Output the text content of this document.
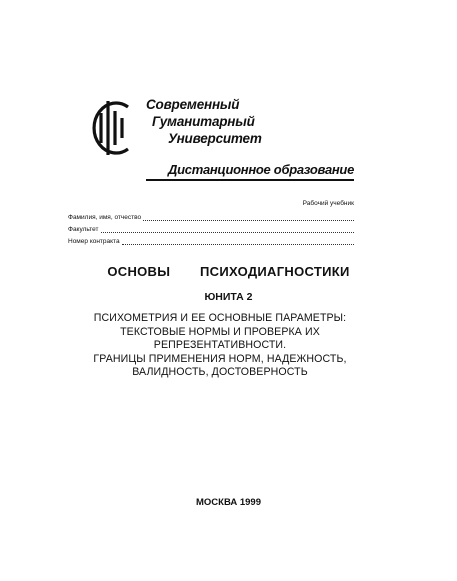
Современный
Гуманитарный
Университет
Дистанционное образование
Рабочий учебник
Фамилия, имя, отчество
Факультет
Номер контракта
ОСНОВЫ   ПСИХОДИАГНОСТИКИ
ЮНИТА 2
ПСИХОМЕТРИЯ И ЕЕ ОСНОВНЫЕ ПАРАМЕТРЫ:
ТЕКСТОВЫЕ НОРМЫ И ПРОВЕРКА ИХ
РЕПРЕЗЕНТАТИВНОСТИ.
ГРАНИЦЫ ПРИМЕНЕНИЯ НОРМ, НАДЕЖНОСТЬ,
ВАЛИДНОСТЬ, ДОСТОВЕРНОСТЬ
МОСКВА 1999
